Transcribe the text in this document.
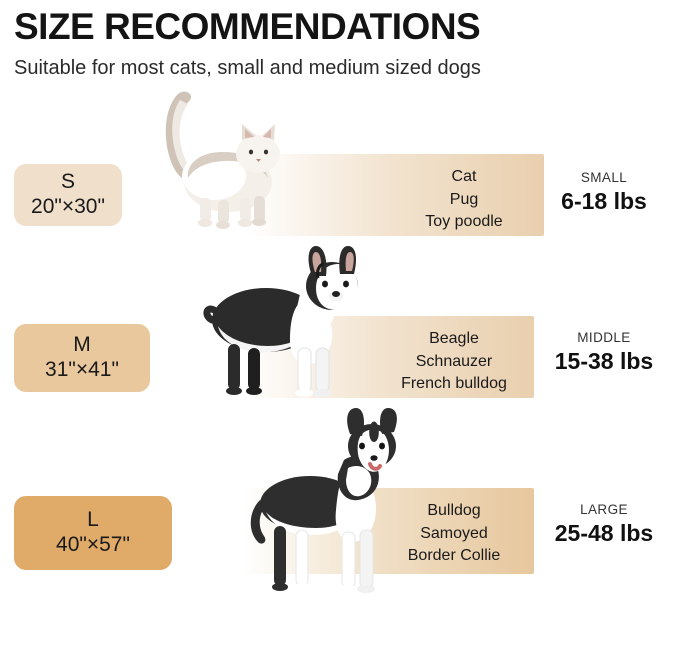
SIZE RECOMMENDATIONS
Suitable for most cats, small and medium sized dogs
S
20"×30"
Cat
Pug
Toy poodle
SMALL
6-18 lbs
M
31"×41"
Beagle
Schnauzer
French bulldog
MIDDLE
15-38 lbs
L
40"×57"
Bulldog
Samoyed
Border Collie
LARGE
25-48 lbs
